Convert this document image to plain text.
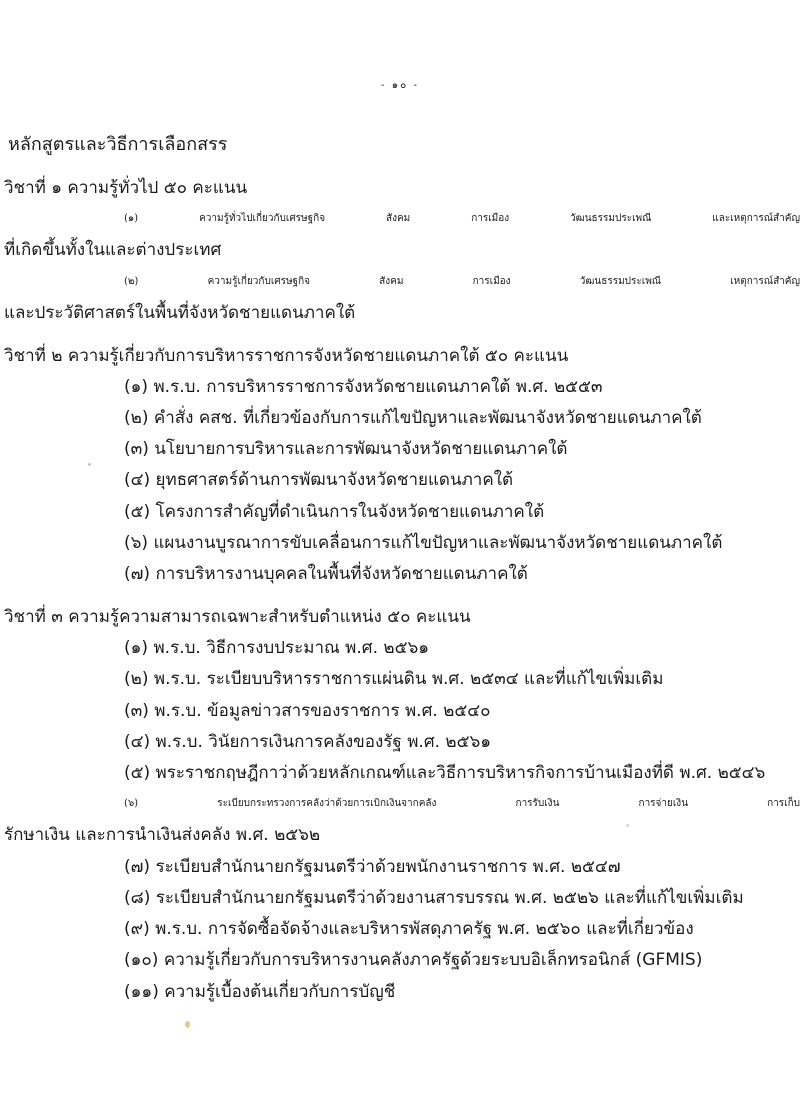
- ๑๐ -
หลักสูตรและวิธีการเลือกสรร
วิชาที่ ๑ ความรู้ทั่วไป ๕๐ คะแนน
(๑) ความรู้ทั่วไปเกี่ยวกับเศรษฐกิจ สังคม การเมือง วัฒนธรรมประเพณี และเหตุการณ์สำคัญ
ที่เกิดขึ้นทั้งในและต่างประเทศ
(๒) ความรู้เกี่ยวกับเศรษฐกิจ สังคม การเมือง วัฒนธรรมประเพณี เหตุการณ์สำคัญ
และประวัติศาสตร์ในพื้นที่จังหวัดชายแดนภาคใต้
วิชาที่ ๒ ความรู้เกี่ยวกับการบริหารราชการจังหวัดชายแดนภาคใต้ ๕๐ คะแนน
(๑) พ.ร.บ. การบริหารราชการจังหวัดชายแดนภาคใต้ พ.ศ. ๒๕๕๓
(๒) คำสั่ง คสช. ที่เกี่ยวข้องกับการแก้ไขปัญหาและพัฒนาจังหวัดชายแดนภาคใต้
(๓) นโยบายการบริหารและการพัฒนาจังหวัดชายแดนภาคใต้
(๔) ยุทธศาสตร์ด้านการพัฒนาจังหวัดชายแดนภาคใต้
(๕) โครงการสำคัญที่ดำเนินการในจังหวัดชายแดนภาคใต้
(๖) แผนงานบูรณาการขับเคลื่อนการแก้ไขปัญหาและพัฒนาจังหวัดชายแดนภาคใต้
(๗) การบริหารงานบุคคลในพื้นที่จังหวัดชายแดนภาคใต้
วิชาที่ ๓ ความรู้ความสามารถเฉพาะสำหรับตำแหน่ง ๕๐ คะแนน
(๑) พ.ร.บ. วิธีการงบประมาณ พ.ศ. ๒๕๖๑
(๒) พ.ร.บ. ระเบียบบริหารราชการแผ่นดิน พ.ศ. ๒๕๓๔ และที่แก้ไขเพิ่มเติม
(๓) พ.ร.บ. ข้อมูลข่าวสารของราชการ พ.ศ. ๒๕๔๐
(๔) พ.ร.บ. วินัยการเงินการคลังของรัฐ พ.ศ. ๒๕๖๑
(๕) พระราชกฤษฎีกาว่าด้วยหลักเกณฑ์และวิธีการบริหารกิจการบ้านเมืองที่ดี พ.ศ. ๒๕๔๖
(๖) ระเบียบกระทรวงการคลังว่าด้วยการเบิกเงินจากคลัง การรับเงิน การจ่ายเงิน การเก็บ
รักษาเงิน และการนำเงินส่งคลัง พ.ศ. ๒๕๖๒
(๗) ระเบียบสำนักนายกรัฐมนตรีว่าด้วยพนักงานราชการ พ.ศ. ๒๕๔๗
(๘) ระเบียบสำนักนายกรัฐมนตรีว่าด้วยงานสารบรรณ พ.ศ. ๒๕๒๖ และที่แก้ไขเพิ่มเติม
(๙) พ.ร.บ. การจัดซื้อจัดจ้างและบริหารพัสดุภาครัฐ พ.ศ. ๒๕๖๐ และที่เกี่ยวข้อง
(๑๐) ความรู้เกี่ยวกับการบริหารงานคลังภาครัฐด้วยระบบอิเล็กทรอนิกส์ (GFMIS)
(๑๑) ความรู้เบื้องต้นเกี่ยวกับการบัญชี
